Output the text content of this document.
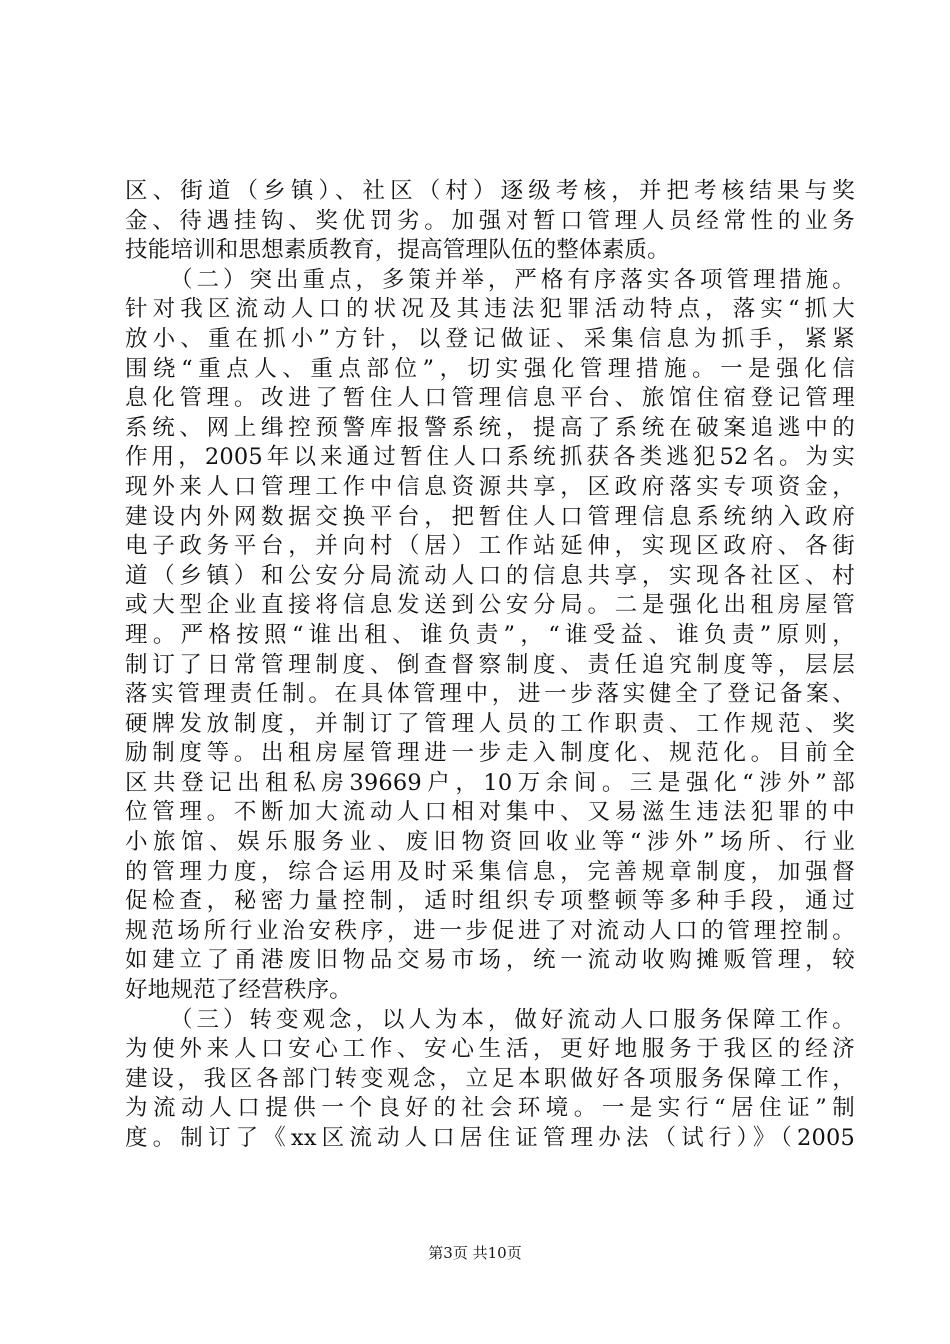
区、街道（乡镇）、社区（村）逐级考核，并把考核结果与奖
金、待遇挂钩、奖优罚劣。加强对暂口管理人员经常性的业务
技能培训和思想素质教育，提高管理队伍的整体素质。
（二）突出重点，多策并举，严格有序落实各项管理措施。
针对我区流动人口的状况及其违法犯罪活动特点，落实“抓大
放小、重在抓小”方针，以登记做证、采集信息为抓手，紧紧
围绕“重点人、重点部位”，切实强化管理措施。一是强化信
息化管理。改进了暂住人口管理信息平台、旅馆住宿登记管理
系统、网上缉控预警库报警系统，提高了系统在破案追逃中的
作用，2005年以来通过暂住人口系统抓获各类逃犯52名。为实
现外来人口管理工作中信息资源共享，区政府落实专项资金，
建设内外网数据交换平台，把暂住人口管理信息系统纳入政府
电子政务平台，并向村（居）工作站延伸，实现区政府、各街
道（乡镇）和公安分局流动人口的信息共享，实现各社区、村
或大型企业直接将信息发送到公安分局。二是强化出租房屋管
理。严格按照“谁出租、谁负责”，“谁受益、谁负责”原则，
制订了日常管理制度、倒查督察制度、责任追究制度等，层层
落实管理责任制。在具体管理中，进一步落实健全了登记备案、
硬牌发放制度，并制订了管理人员的工作职责、工作规范、奖
励制度等。出租房屋管理进一步走入制度化、规范化。目前全
区共登记出租私房39669户，10万余间。三是强化“涉外”部
位管理。不断加大流动人口相对集中、又易滋生违法犯罪的中
小旅馆、娱乐服务业、废旧物资回收业等“涉外”场所、行业
的管理力度，综合运用及时采集信息，完善规章制度，加强督
促检查，秘密力量控制，适时组织专项整顿等多种手段，通过
规范场所行业治安秩序，进一步促进了对流动人口的管理控制。
如建立了甬港废旧物品交易市场，统一流动收购摊贩管理，较
好地规范了经营秩序。
（三）转变观念，以人为本，做好流动人口服务保障工作。
为使外来人口安心工作、安心生活，更好地服务于我区的经济
建设，我区各部门转变观念，立足本职做好各项服务保障工作，
为流动人口提供一个良好的社会环境。一是实行“居住证”制
度。制订了《xx区流动人口居住证管理办法（试行）》（2005
第3页 共10页
